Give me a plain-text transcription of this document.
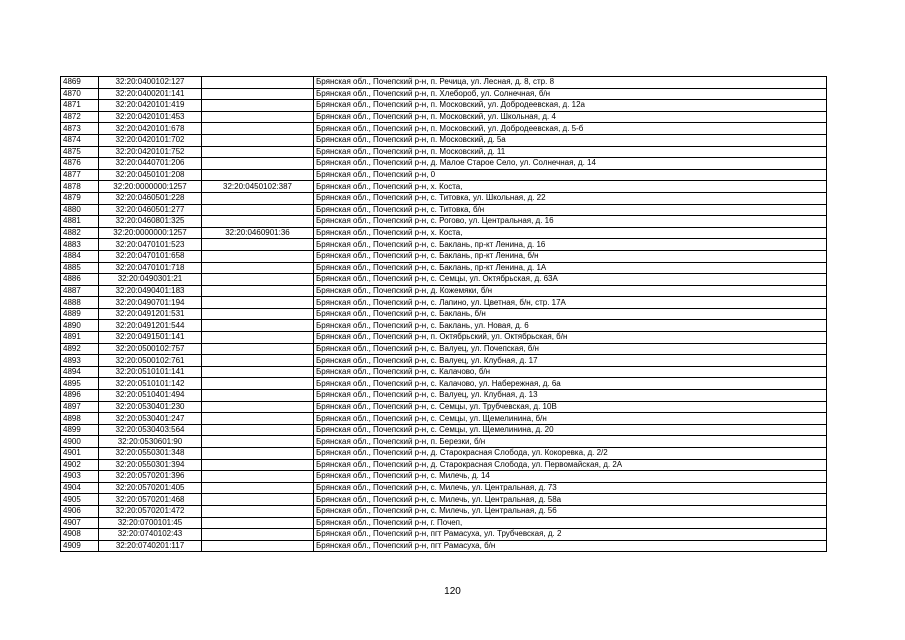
4869	32:20:0400102:127		Брянская обл., Почепский р-н, п. Речица, ул. Лесная, д. 8, стр. 8
4870	32:20:0400201:141		Брянская обл., Почепский р-н, п. Хлебороб, ул. Солнечная, б/н
4871	32:20:0420101:419		Брянская обл., Почепский р-н, п. Московский, ул. Добродеевская, д. 12а
4872	32:20:0420101:453		Брянская обл., Почепский р-н, п. Московский, ул. Школьная, д. 4
4873	32:20:0420101:678		Брянская обл., Почепский р-н, п. Московский, ул. Добродеевская, д. 5-б
4874	32:20:0420101:702		Брянская обл., Почепский р-н, п. Московский, д. 5а
4875	32:20:0420101:752		Брянская обл., Почепский р-н, п. Московский, д. 11
4876	32:20:0440701:206		Брянская обл., Почепский р-н, д. Малое Старое Село, ул. Солнечная, д. 14
4877	32:20:0450101:208		Брянская обл., Почепский р-н, 0
4878	32:20:0000000:1257	32:20:0450102:387	Брянская обл., Почепский р-н, х. Коста,
4879	32:20:0460501:228		Брянская обл., Почепский р-н, с. Титовка, ул. Школьная, д. 22
4880	32:20:0460501:277		Брянская обл., Почепский р-н, с. Титовка, б/н
4881	32:20:0460801:325		Брянская обл., Почепский р-н, с. Рогово, ул. Центральная, д. 16
4882	32:20:0000000:1257	32:20:0460901:36	Брянская обл., Почепский р-н, х. Коста,
4883	32:20:0470101:523		Брянская обл., Почепский р-н, с. Баклань, пр-кт Ленина, д. 16
4884	32:20:0470101:658		Брянская обл., Почепский р-н, с. Баклань, пр-кт Ленина, б/н
4885	32:20:0470101:718		Брянская обл., Почепский р-н, с. Баклань, пр-кт Ленина, д. 1А
4886	32:20:0490301:21		Брянская обл., Почепский р-н, с. Семцы, ул. Октябрьская, д. 63А
4887	32:20:0490401:183		Брянская обл., Почепский р-н, д. Кожемяки, б/н
4888	32:20:0490701:194		Брянская обл., Почепский р-н, с. Лапино, ул. Цветная, б/н, стр. 17А
4889	32:20:0491201:531		Брянская обл., Почепский р-н, с. Баклань, б/н
4890	32:20:0491201:544		Брянская обл., Почепский р-н, с. Баклань, ул. Новая, д. 6
4891	32:20:0491501:141		Брянская обл., Почепский р-н, п. Октябрьский, ул. Октябрьская, б/н
4892	32:20:0500102:757		Брянская обл., Почепский р-н, с. Валуец, ул. Почепская, б/н
4893	32:20:0500102:761		Брянская обл., Почепский р-н, с. Валуец, ул. Клубная, д. 17
4894	32:20:0510101:141		Брянская обл., Почепский р-н, с. Калачово, б/н
4895	32:20:0510101:142		Брянская обл., Почепский р-н, с. Калачово, ул. Набережная, д. 6а
4896	32:20:0510401:494		Брянская обл., Почепский р-н, с. Валуец, ул. Клубная, д. 13
4897	32:20:0530401:230		Брянская обл., Почепский р-н, с. Семцы, ул. Трубчевская, д. 10В
4898	32:20:0530401:247		Брянская обл., Почепский р-н, с. Семцы, ул. Щемелинина, б/н
4899	32:20:0530403:564		Брянская обл., Почепский р-н, с. Семцы, ул. Щемелинина, д. 20
4900	32:20:0530601:90		Брянская обл., Почепский р-н, п. Березки, б/н
4901	32:20:0550301:348		Брянская обл., Почепский р-н, д. Старокрасная Слобода, ул. Кокоревка, д. 2/2
4902	32:20:0550301:394		Брянская обл., Почепский р-н, д. Старокрасная Слобода, ул. Первомайская, д. 2А
4903	32:20:0570201:396		Брянская обл., Почепский р-н, с. Милечь, д. 14
4904	32:20:0570201:405		Брянская обл., Почепский р-н, с. Милечь, ул. Центральная, д. 73
4905	32:20:0570201:468		Брянская обл., Почепский р-н, с. Милечь, ул. Центральная, д. 58а
4906	32:20:0570201:472		Брянская обл., Почепский р-н, с. Милечь, ул. Центральная, д. 56
4907	32:20:0700101:45		Брянская обл., Почепский р-н, г. Почеп,
4908	32:20:0740102:43		Брянская обл., Почепский р-н, пгт Рамасуха, ул. Трубчевская, д. 2
4909	32:20:0740201:117		Брянская обл., Почепский р-н, пгт Рамасуха, б/н
120
